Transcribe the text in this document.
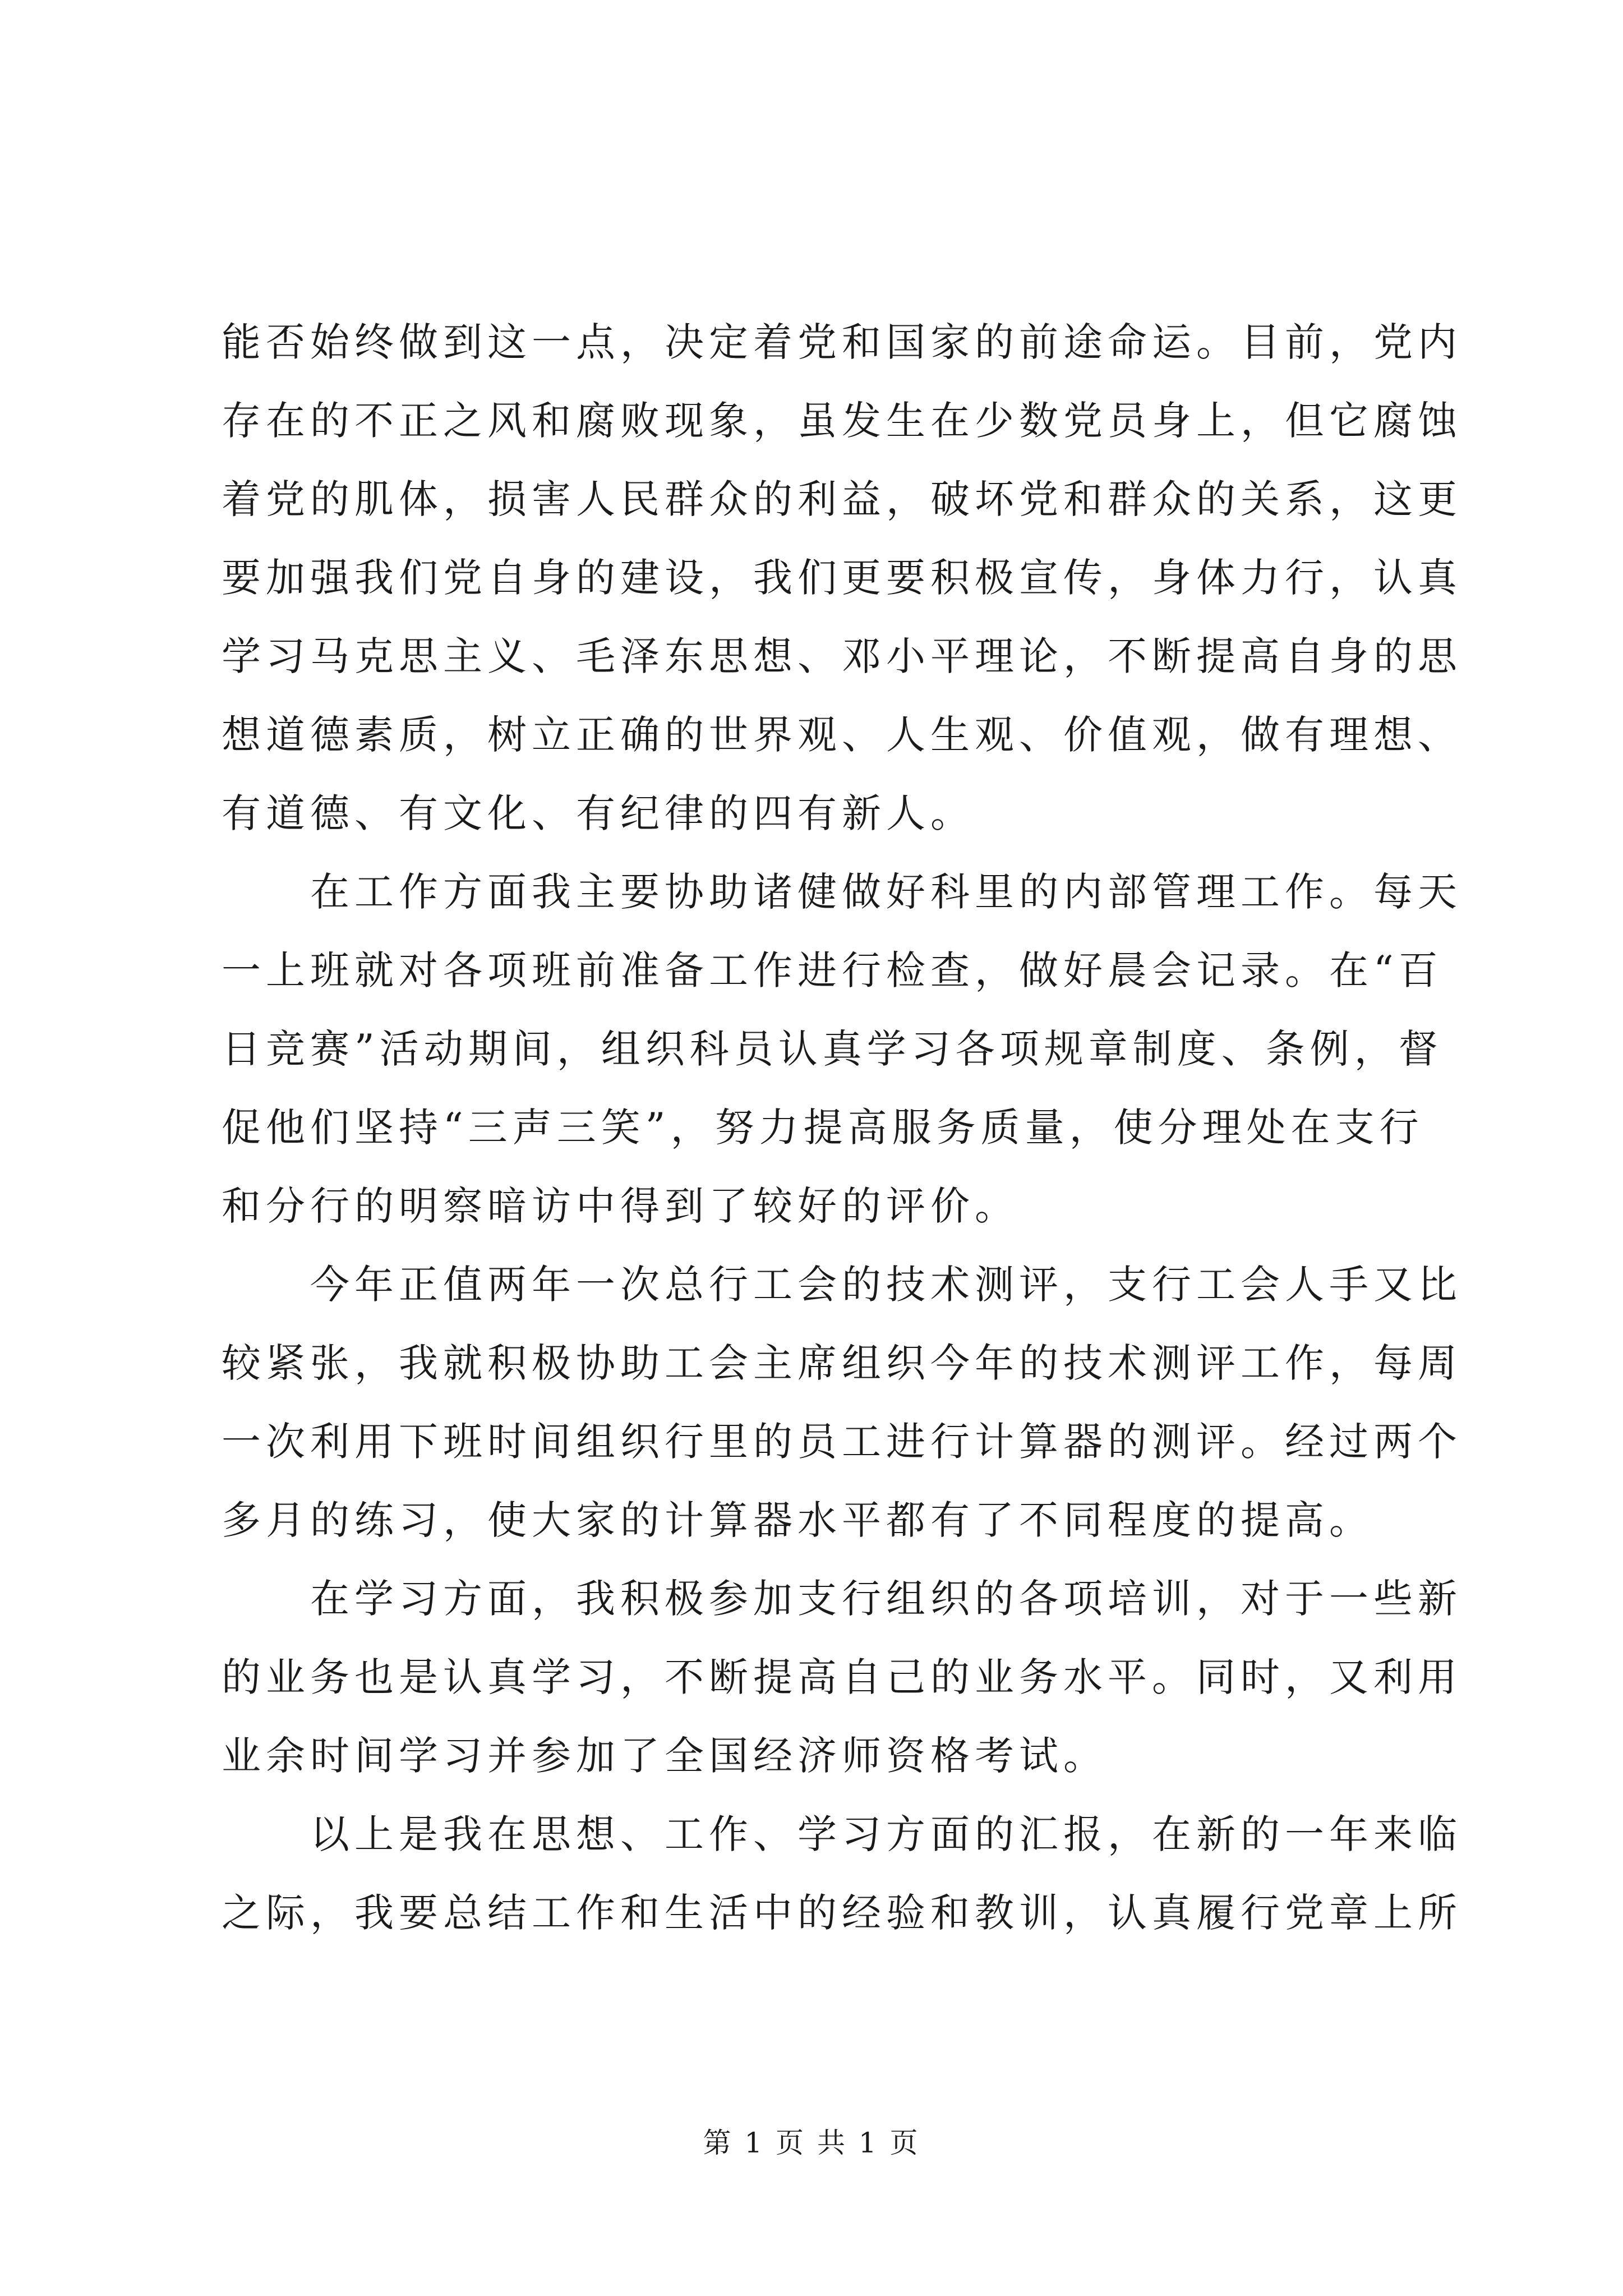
能否始终做到这一点，决定着党和国家的前途命运。目前，党内
存在的不正之风和腐败现象，虽发生在少数党员身上，但它腐蚀
着党的肌体，损害人民群众的利益，破坏党和群众的关系，这更
要加强我们党自身的建设，我们更要积极宣传，身体力行，认真
学习马克思主义、毛泽东思想、邓小平理论，不断提高自身的思
想道德素质，树立正确的世界观、人生观、价值观，做有理想、
有道德、有文化、有纪律的四有新人。
在工作方面我主要协助诸健做好科里的内部管理工作。每天
一上班就对各项班前准备工作进行检查，做好晨会记录。在“百
日竞赛”活动期间，组织科员认真学习各项规章制度、条例，督
促他们坚持“三声三笑”，努力提高服务质量，使分理处在支行
和分行的明察暗访中得到了较好的评价。
今年正值两年一次总行工会的技术测评，支行工会人手又比
较紧张，我就积极协助工会主席组织今年的技术测评工作，每周
一次利用下班时间组织行里的员工进行计算器的测评。经过两个
多月的练习，使大家的计算器水平都有了不同程度的提高。
在学习方面，我积极参加支行组织的各项培训，对于一些新
的业务也是认真学习，不断提高自己的业务水平。同时，又利用
业余时间学习并参加了全国经济师资格考试。
以上是我在思想、工作、学习方面的汇报，在新的一年来临
之际，我要总结工作和生活中的经验和教训，认真履行党章上所
第 1 页 共 1 页
